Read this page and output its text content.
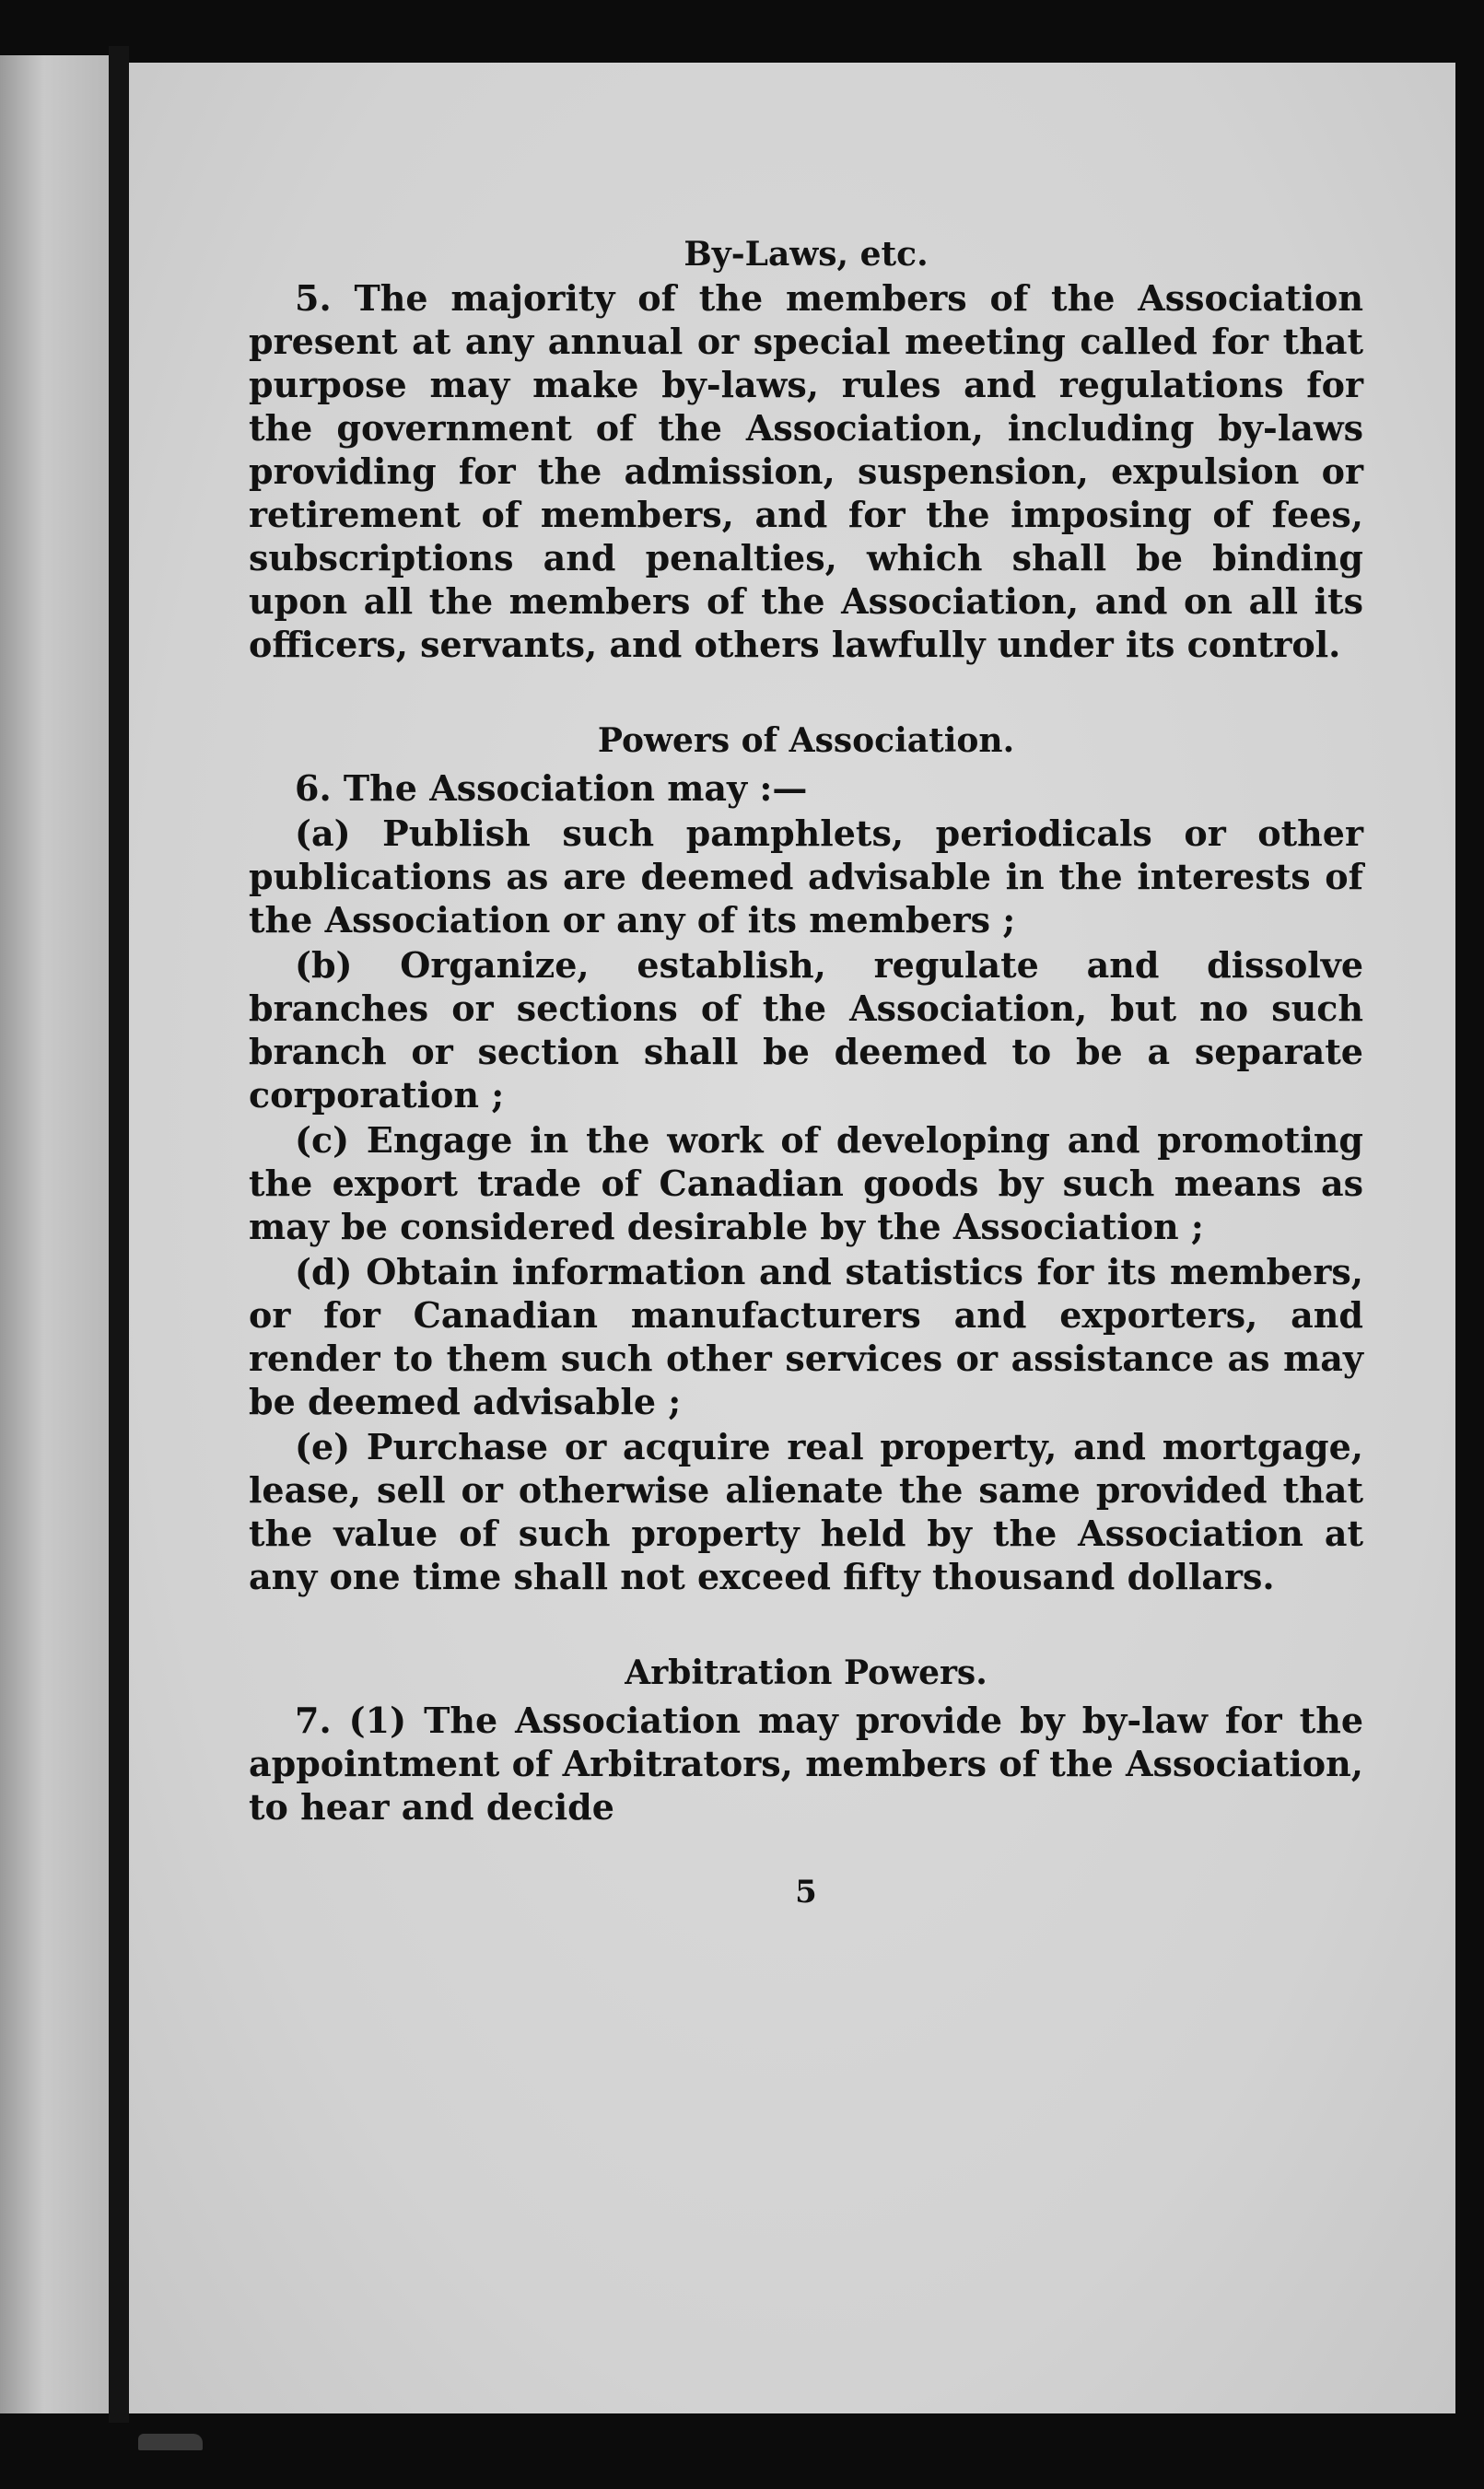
By-Laws, etc.

5. The majority of the members of the Association present at any annual or special meeting called for that purpose may make by-laws, rules and regulations for the government of the Association, including by-laws providing for the admission, suspension, expulsion or retirement of members, and for the imposing of fees, subscriptions and penalties, which shall be binding upon all the members of the Association, and on all its officers, servants, and others lawfully under its control.

Powers of Association.

6. The Association may :—

(a) Publish such pamphlets, periodicals or other publications as are deemed advisable in the interests of the Association or any of its members ;

(b) Organize, establish, regulate and dissolve branches or sections of the Association, but no such branch or section shall be deemed to be a separate corporation ;

(c) Engage in the work of developing and promoting the export trade of Canadian goods by such means as may be considered desirable by the Association ;

(d) Obtain information and statistics for its members, or for Canadian manufacturers and exporters, and render to them such other services or assistance as may be deemed advisable ;

(e) Purchase or acquire real property, and mortgage, lease, sell or otherwise alienate the same provided that the value of such property held by the Association at any one time shall not exceed fifty thousand dollars.

Arbitration Powers.

7. (1) The Association may provide by by-law for the appointment of Arbitrators, members of the Association, to hear and decide

5
